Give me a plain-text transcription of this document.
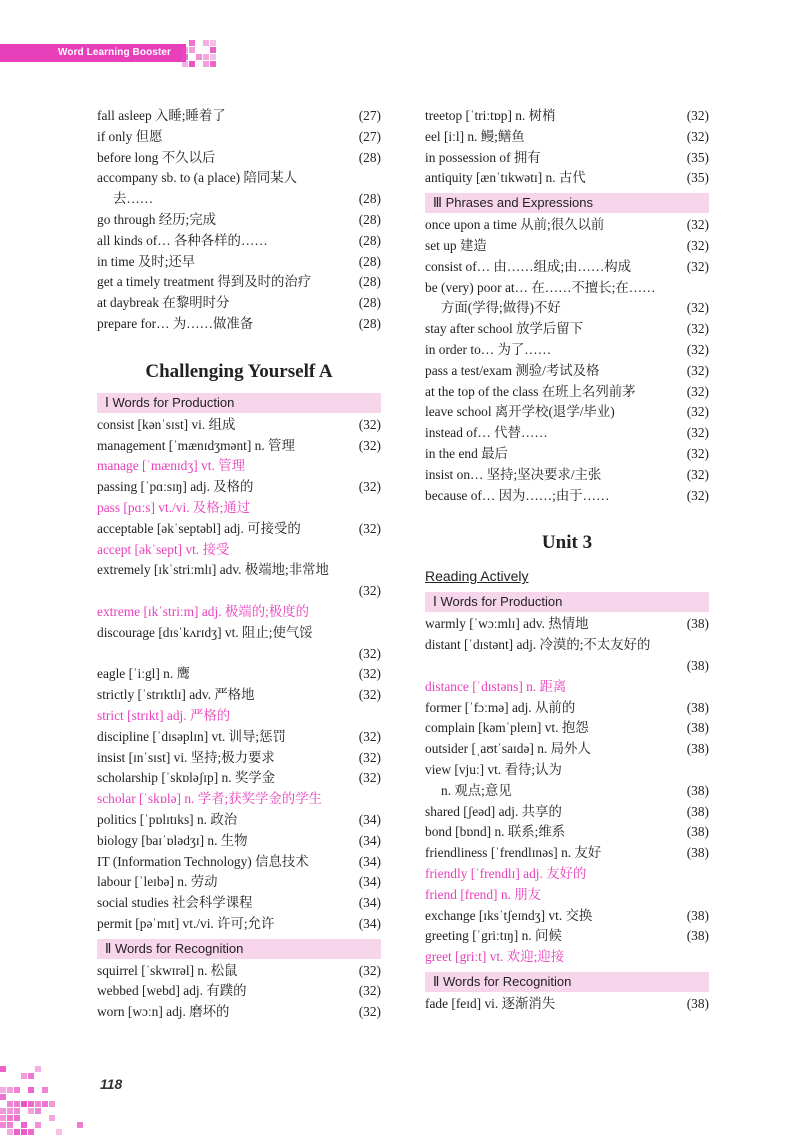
Word Learning Booster
fall asleep 入睡;睡着了	(27)
if only 但愿	(27)
before long 不久以后	(28)
accompany sb. to (a place) 陪同某人
去……	(28)
go through 经历;完成	(28)
all kinds of… 各种各样的……	(28)
in time 及时;还早	(28)
get a timely treatment 得到及时的治疗	(28)
at daybreak 在黎明时分	(28)
prepare for… 为……做准备	(28)
Challenging Yourself A
Ⅰ Words for Production
consist [kənˈsɪst] vi. 组成	(32)
management [ˈmænɪdʒmənt] n. 管理	(32)
manage [ˈmænɪdʒ] vt. 管理
passing [ˈpɑːsɪŋ] adj. 及格的	(32)
pass [pɑːs] vt./vi. 及格;通过
acceptable [əkˈseptəbl] adj. 可接受的	(32)
accept [əkˈsept] vt. 接受
extremely [ɪkˈstriːmlɪ] adv. 极端地;非常地
(32)
extreme [ɪkˈstriːm] adj. 极端的;极度的
discourage [dɪsˈkʌrɪdʒ] vt. 阻止;使气馁
(32)
eagle [ˈiːgl] n. 鹰	(32)
strictly [ˈstrɪktlɪ] adv. 严格地	(32)
strict [strɪkt] adj. 严格的
discipline [ˈdɪsəplɪn] vt. 训导;惩罚	(32)
insist [ɪnˈsɪst] vi. 坚持;极力要求	(32)
scholarship [ˈskɒləʃɪp] n. 奖学金	(32)
scholar [ˈskɒlə] n. 学者;获奖学金的学生
politics [ˈpɒlɪtɪks] n. 政治	(34)
biology [baɪˈɒlədʒɪ] n. 生物	(34)
IT (Information Technology) 信息技术	(34)
labour [ˈleɪbə] n. 劳动	(34)
social studies 社会科学课程	(34)
permit [pəˈmɪt] vt./vi. 许可;允许	(34)
Ⅱ Words for Recognition
squirrel [ˈskwɪrəl] n. 松鼠	(32)
webbed [webd] adj. 有蹼的	(32)
worn [wɔːn] adj. 磨坏的	(32)
treetop [ˈtriːtɒp] n. 树梢	(32)
eel [iːl] n. 鳗;鳝鱼	(32)
in possession of 拥有	(35)
antiquity [ænˈtɪkwətɪ] n. 古代	(35)
Ⅲ Phrases and Expressions
once upon a time 从前;很久以前	(32)
set up 建造	(32)
consist of… 由……组成;由……构成	(32)
be (very) poor at… 在……不擅长;在……
方面(学得;做得)不好	(32)
stay after school 放学后留下	(32)
in order to… 为了……	(32)
pass a test/exam 测验/考试及格	(32)
at the top of the class 在班上名列前茅	(32)
leave school 离开学校(退学/毕业)	(32)
instead of… 代替……	(32)
in the end 最后	(32)
insist on… 坚持;坚决要求/主张	(32)
because of… 因为……;由于……	(32)
Unit 3
Reading Actively
Ⅰ Words for Production
warmly [ˈwɔːmlɪ] adv. 热情地	(38)
distant [ˈdɪstənt] adj. 冷漠的;不太友好的
(38)
distance [ˈdɪstəns] n. 距离
former [ˈfɔːmə] adj. 从前的	(38)
complain [kəmˈpleɪn] vt. 抱怨	(38)
outsider [ˌaʊtˈsaɪdə] n. 局外人	(38)
view [vjuː] vt. 看待;认为
n. 观点;意见	(38)
shared [ʃeəd] adj. 共享的	(38)
bond [bɒnd] n. 联系;维系	(38)
friendliness [ˈfrendlɪnəs] n. 友好	(38)
friendly [ˈfrendlɪ] adj. 友好的
friend [frend] n. 朋友
exchange [ɪksˈtʃeɪndʒ] vt. 交换	(38)
greeting [ˈgriːtɪŋ] n. 问候	(38)
greet [griːt] vt. 欢迎;迎接
Ⅱ Words for Recognition
fade [feɪd] vi. 逐渐消失	(38)
118
